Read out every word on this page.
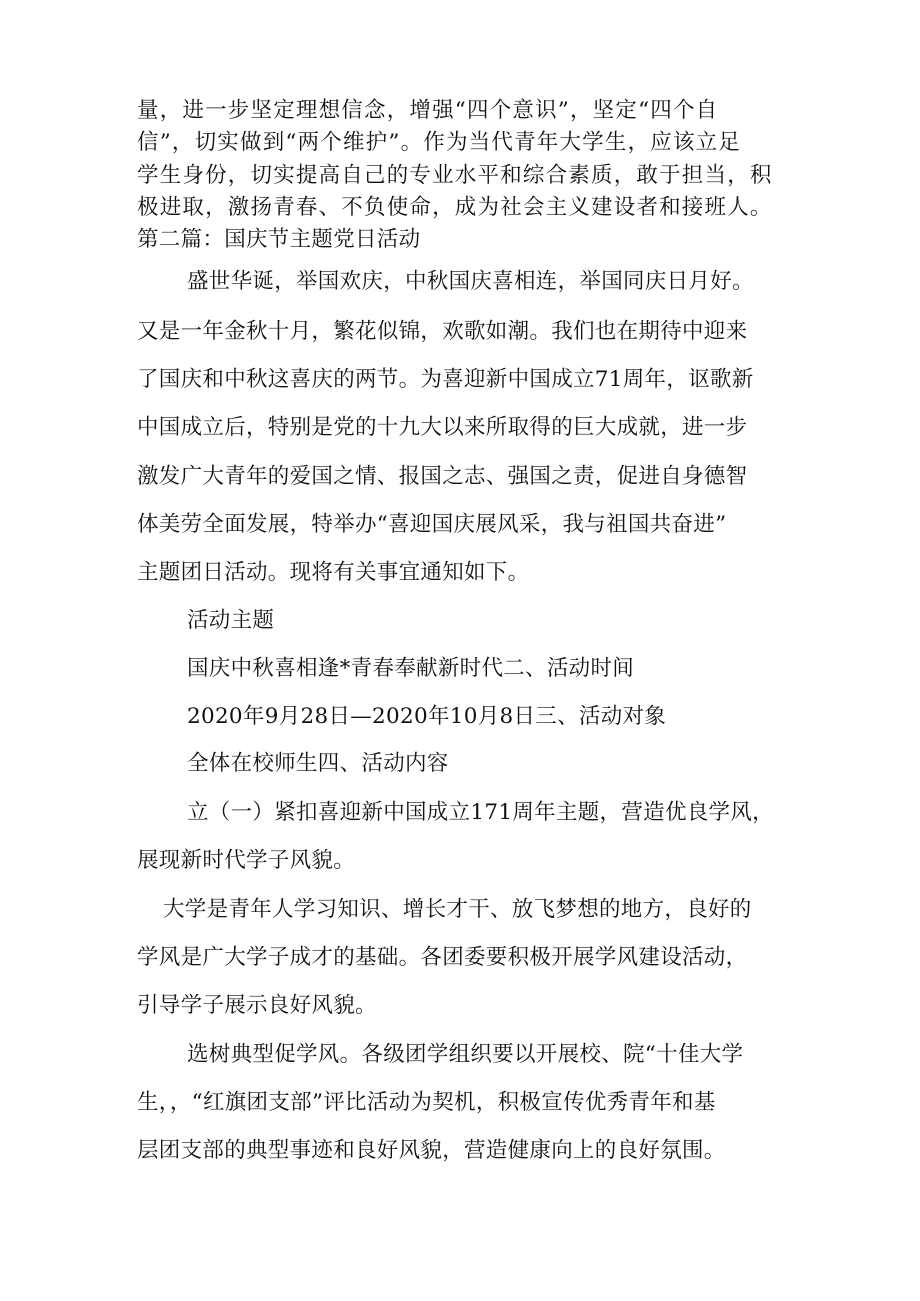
量，进一步坚定理想信念，增强“四个意识”，坚定“四个自
信”，切实做到“两个维护”。作为当代青年大学生，应该立足
学生身份，切实提高自己的专业水平和综合素质，敢于担当，积
极进取，激扬青春、不负使命，成为社会主义建设者和接班人。
第二篇：国庆节主题党日活动
盛世华诞，举国欢庆，中秋国庆喜相连，举国同庆日月好。
又是一年金秋十月，繁花似锦，欢歌如潮。我们也在期待中迎来
了国庆和中秋这喜庆的两节。为喜迎新中国成立71周年，讴歌新
中国成立后，特别是党的十九大以来所取得的巨大成就，进一步
激发广大青年的爱国之情、报国之志、强国之责，促进自身德智
体美劳全面发展，特举办“喜迎国庆展风采，我与祖国共奋进”
主题团日活动。现将有关事宜通知如下。
活动主题
国庆中秋喜相逢*青春奉献新时代二、活动时间
2020年9月28日—2020年10月8日三、活动对象
全体在校师生四、活动内容
立（一）紧扣喜迎新中国成立171周年主题，营造优良学风，
展现新时代学子风貌。
大学是青年人学习知识、增长才干、放飞梦想的地方，良好的
学风是广大学子成才的基础。各团委要积极开展学风建设活动，
引导学子展示良好风貌。
选树典型促学风。各级团学组织要以开展校、院“十佳大学
生，，“红旗团支部”评比活动为契机，积极宣传优秀青年和基
层团支部的典型事迹和良好风貌，营造健康向上的良好氛围。
